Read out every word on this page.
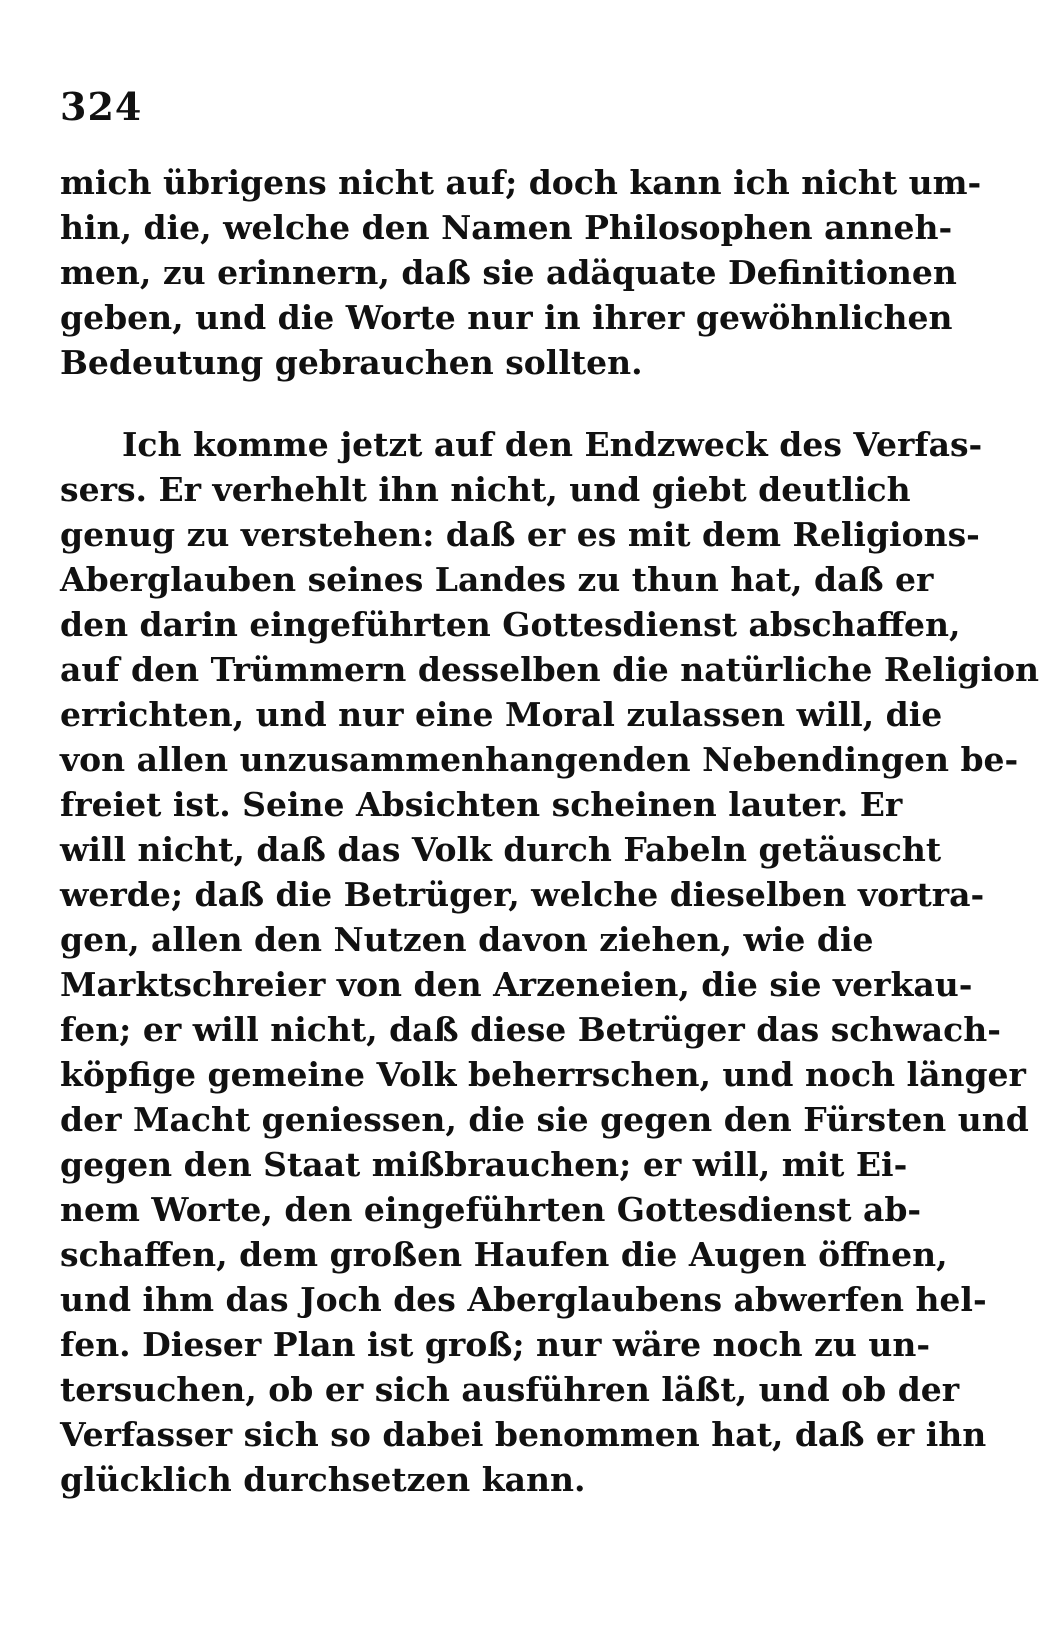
324
mich übrigens nicht auf; doch kann ich nicht um-
hin, die, welche den Namen Philosophen anneh-
men, zu erinnern, daß sie adäquate Definitionen
geben, und die Worte nur in ihrer gewöhnlichen
Bedeutung gebrauchen sollten.
Ich komme jetzt auf den Endzweck des Verfas-
sers. Er verhehlt ihn nicht, und giebt deutlich
genug zu verstehen: daß er es mit dem Religions-
Aberglauben seines Landes zu thun hat, daß er
den darin eingeführten Gottesdienst abschaffen,
auf den Trümmern desselben die natürliche Religion
errichten, und nur eine Moral zulassen will, die
von allen unzusammenhangenden Nebendingen be-
freiet ist. Seine Absichten scheinen lauter. Er
will nicht, daß das Volk durch Fabeln getäuscht
werde; daß die Betrüger, welche dieselben vortra-
gen, allen den Nutzen davon ziehen, wie die
Marktschreier von den Arzeneien, die sie verkau-
fen; er will nicht, daß diese Betrüger das schwach-
köpfige gemeine Volk beherrschen, und noch länger
der Macht geniessen, die sie gegen den Fürsten und
gegen den Staat mißbrauchen; er will, mit Ei-
nem Worte, den eingeführten Gottesdienst ab-
schaffen, dem großen Haufen die Augen öffnen,
und ihm das Joch des Aberglaubens abwerfen hel-
fen. Dieser Plan ist groß; nur wäre noch zu un-
tersuchen, ob er sich ausführen läßt, und ob der
Verfasser sich so dabei benommen hat, daß er ihn
glücklich durchsetzen kann.
